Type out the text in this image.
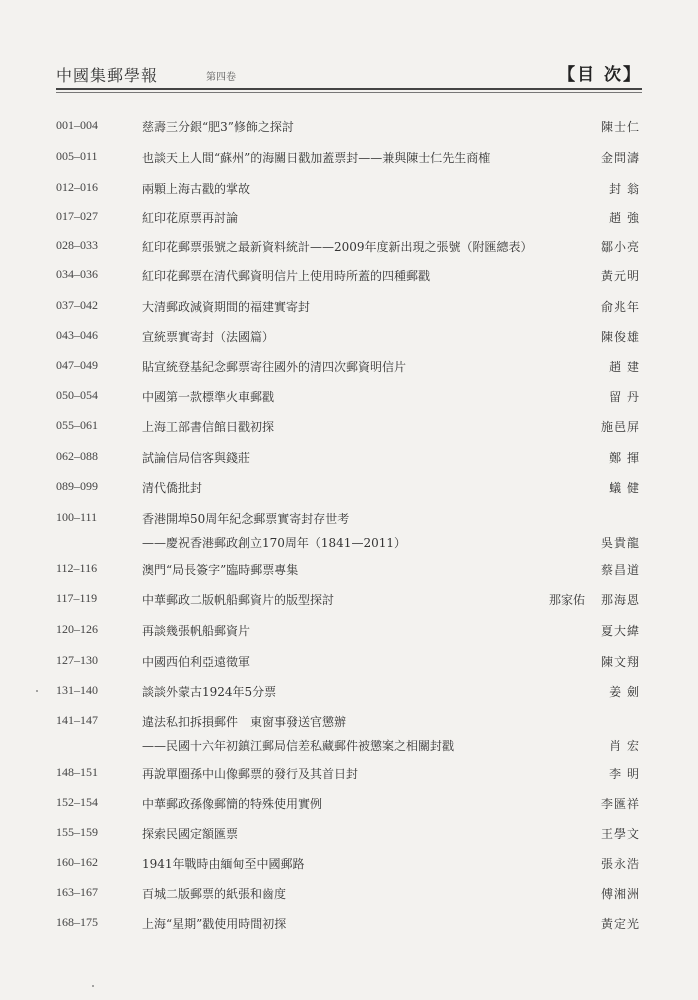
中國集郵學報	第四卷	【目 次】
001–004	慈壽三分銀“肥3”修飾之探討	陳士仁
005–011	也談天上人間“蘇州”的海關日戳加蓋票封——兼與陳士仁先生商榷	金問濤
012–016	兩顆上海古戳的掌故	封 翁
017–027	紅印花原票再討論	趙 強
028–033	紅印花郵票張號之最新資料統計——2009年度新出現之張號（附匯總表）	鄒小亮
034–036	紅印花郵票在清代郵資明信片上使用時所蓋的四種郵戳	黃元明
037–042	大清郵政減資期間的福建實寄封	俞兆年
043–046	宣統票實寄封（法國篇）	陳俊雄
047–049	貼宣統登基紀念郵票寄往國外的清四次郵資明信片	趙 建
050–054	中國第一款標準火車郵戳	留 丹
055–061	上海工部書信館日戳初探	施邑屏
062–088	試論信局信客與錢莊	鄭 揮
089–099	清代僑批封	蟻 健
100–111	香港開埠50周年紀念郵票實寄封存世考
——慶祝香港郵政創立170周年（1841—2011）	吳貴龍
112–116	澳門“局長簽字”臨時郵票專集	蔡昌道
117–119	中華郵政二版帆船郵資片的版型探討	那家佑	那海恩
120–126	再談幾張帆船郵資片	夏大緯
127–130	中國西伯利亞遠徵軍	陳文翔
131–140	談談外蒙古1924年5分票	姜 劍
141–147	違法私扣拆損郵件　東窗事發送官懲辦
——民國十六年初鎮江郵局信差私藏郵件被懲案之相關封戳	肖 宏
148–151	再說單圈孫中山像郵票的發行及其首日封	李 明
152–154	中華郵政孫像郵簡的特殊使用實例	李匯祥
155–159	探索民國定額匯票	王學文
160–162	1941年戰時由緬甸至中國郵路	張永浩
163–167	百城二版郵票的紙張和齒度	傅湘洲
168–175	上海“星期”戳使用時間初探	黃定光
